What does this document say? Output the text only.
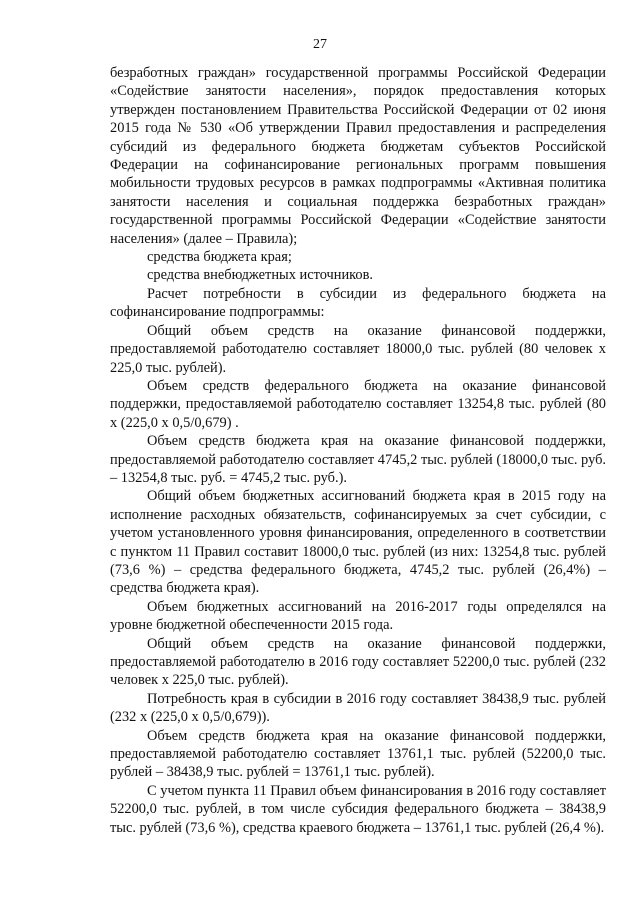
27

безработных граждан» государственной программы Российской Федерации «Содействие занятости населения», порядок предоставления которых утвержден постановлением Правительства Российской Федерации от 02 июня 2015 года № 530 «Об утверждении Правил предоставления и распределения субсидий из федерального бюджета бюджетам субъектов Российской Федерации на софинансирование региональных программ повышения мобильности трудовых ресурсов в рамках подпрограммы «Активная политика занятости населения и социальная поддержка безработных граждан» государственной программы Российской Федерации «Содействие занятости населения» (далее – Правила);

средства бюджета края;

средства внебюджетных источников.

Расчет потребности в субсидии из федерального бюджета на софинансирование подпрограммы:

Общий объем средств на оказание финансовой поддержки, предоставляемой работодателю составляет 18000,0 тыс. рублей (80 человек х 225,0 тыс. рублей).

Объем средств федерального бюджета на оказание финансовой поддержки, предоставляемой работодателю составляет 13254,8 тыс. рублей (80 х (225,0 х 0,5/0,679) .

Объем средств бюджета края на оказание финансовой поддержки, предоставляемой работодателю составляет 4745,2 тыс. рублей (18000,0 тыс. руб. – 13254,8 тыс. руб. = 4745,2 тыс. руб.).

Общий объем бюджетных ассигнований бюджета края в 2015 году на исполнение расходных обязательств, софинансируемых за счет субсидии, с учетом установленного уровня финансирования, определенного в соответствии с пунктом 11 Правил составит 18000,0 тыс. рублей (из них: 13254,8 тыс. рублей (73,6 %) – средства федерального бюджета, 4745,2 тыс. рублей (26,4%) – средства бюджета края).

Объем бюджетных ассигнований на 2016-2017 годы определялся на уровне бюджетной обеспеченности 2015 года.

Общий объем средств на оказание финансовой поддержки, предоставляемой работодателю в 2016 году составляет 52200,0 тыс. рублей (232 человек х 225,0 тыс. рублей).

Потребность края в субсидии в 2016 году составляет 38438,9 тыс. рублей (232 х (225,0 х 0,5/0,679)).

Объем средств бюджета края на оказание финансовой поддержки, предоставляемой работодателю составляет 13761,1 тыс. рублей (52200,0 тыс. рублей – 38438,9 тыс. рублей = 13761,1 тыс. рублей).

С учетом пункта 11 Правил объем финансирования в 2016 году составляет 52200,0 тыс. рублей, в том числе субсидия федерального бюджета – 38438,9 тыс. рублей (73,6 %), средства краевого бюджета – 13761,1 тыс. рублей (26,4 %).
